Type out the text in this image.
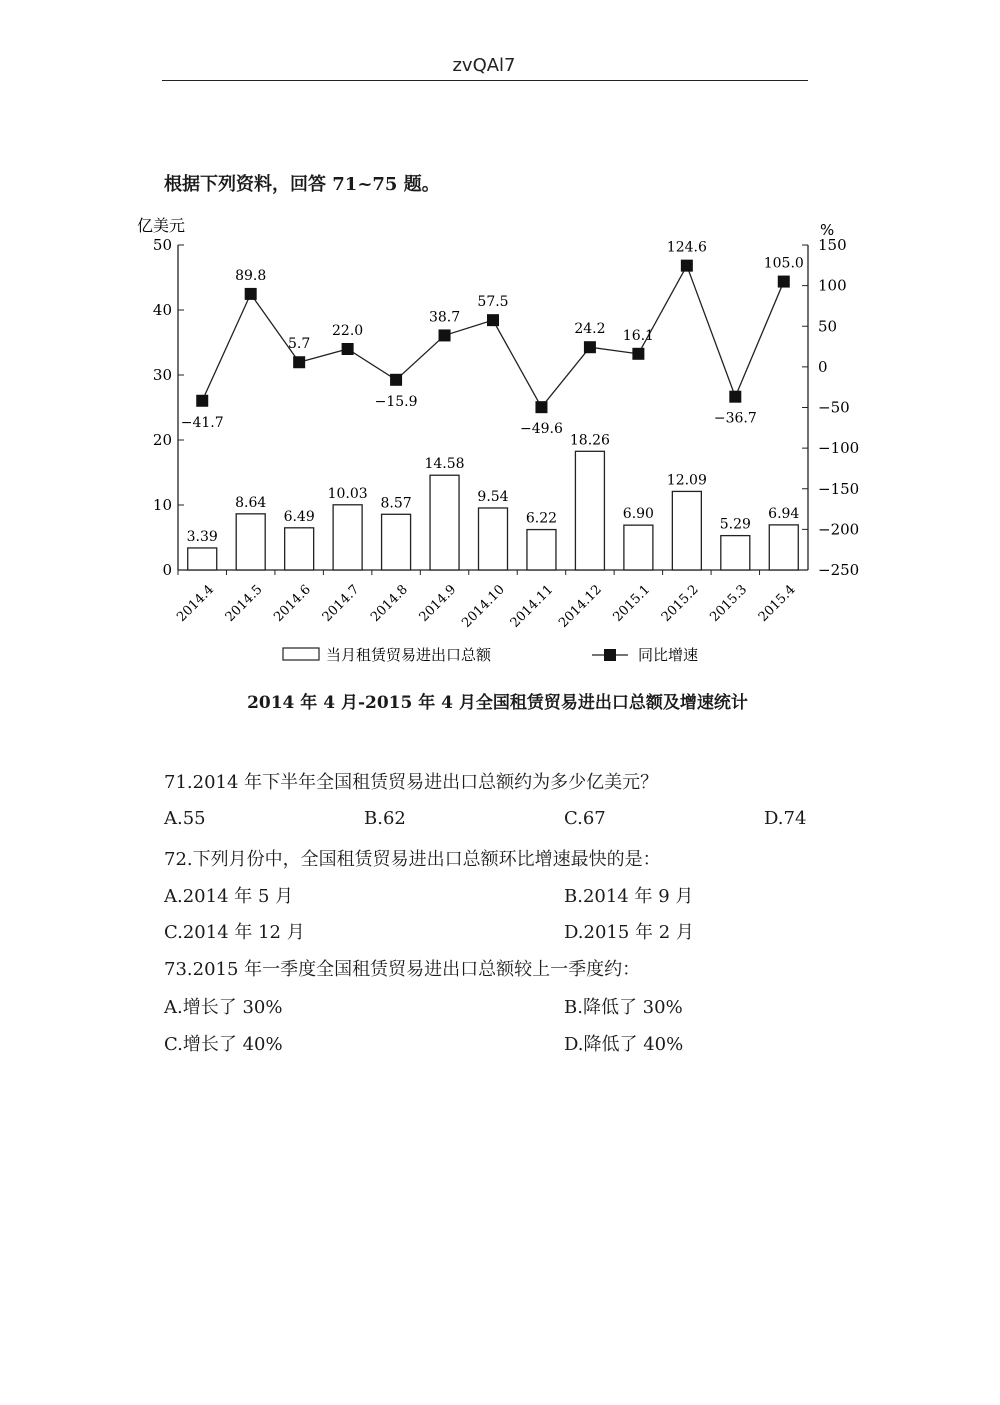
zvQAl7
根据下列资料，回答 71~75 题。
0
10
20
30
40
50
亿美元
−250
−200
−150
−100
−50
0
50
100
150
%
2014.4 2014.5 2014.6 2014.7 2014.8 2014.9 2014.10 2014.11 2014.12 2015.1 2015.2 2015.3 2015.4
3.39
8.64
6.49
10.03
8.57
14.58
9.54
6.22
18.26
6.90
12.09
5.29
6.94
−41.7
89.8
5.7
22.0
−15.9
38.7
57.5
−49.6
24.2 16.1
124.6
−36.7
105.0
当月租赁贸易进出口总额	同比增速
2014 年 4 月-2015 年 4 月全国租赁贸易进出口总额及增速统计
71.2014 年下半年全国租赁贸易进出口总额约为多少亿美元？
A.55	B.62	C.67	D.74
72.下列月份中，全国租赁贸易进出口总额环比增速最快的是：
A.2014 年 5 月	B.2014 年 9 月
C.2014 年 12 月	D.2015 年 2 月
73.2015 年一季度全国租赁贸易进出口总额较上一季度约：
A.增长了 30%	B.降低了 30%
C.增长了 40%	D.降低了 40%
